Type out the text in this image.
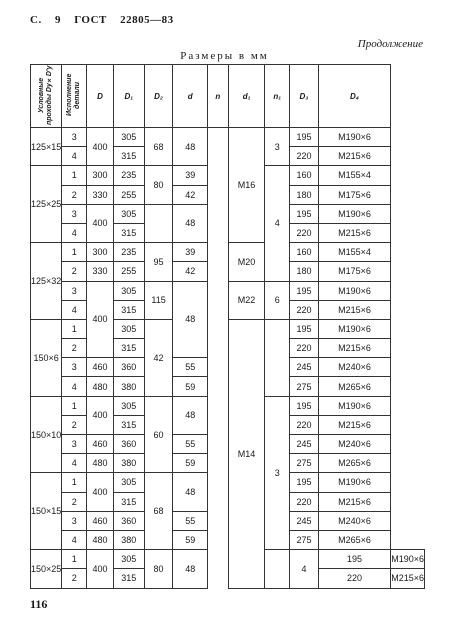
С. 9 ГОСТ 22805—83
Продолжение
Размеры в мм
Условные проходы Dу×D'у	Исполнение детали	D	D₁	D₂	d	n	d₁	n₁	D₃	D₄	
125×15	3	400	305	68	48		M16	3	195	M190×6	
	4		315						220	M215×6	
125×25	1	300	235	80	39			4	160	M155×4	
	2	330	255		42				180	M175×6	
	3	400	305		48				195	M190×6	
	4		315						220	M215×6	
125×32	1	300	235	95	39		M20		160	M155×4	
	2	330	255		42				180	M175×6	
	3	400	305	115	48		M22	6	195	M190×6	
	4		315						220	M215×6	
150×6	1		305	42			M14		195	M190×6	
	2		315						220	M215×6	
	3	460	360		55				245	M240×6	
	4	480	380		59				275	M265×6	
150×10	1	400	305	60	48			3	195	M190×6	
	2		315						220	M215×6	
	3	460	360		55				245	M240×6	
	4	480	380		59				275	M265×6	
150×15	1	400	305	68	48				195	M190×6	
	2		315						220	M215×6	
	3	460	360		55				245	M240×6	
	4	480	380		59				275	M265×6	
150×25	1	400	305	80	48				4	195	M190×6
	2		315							220	M215×6
116
